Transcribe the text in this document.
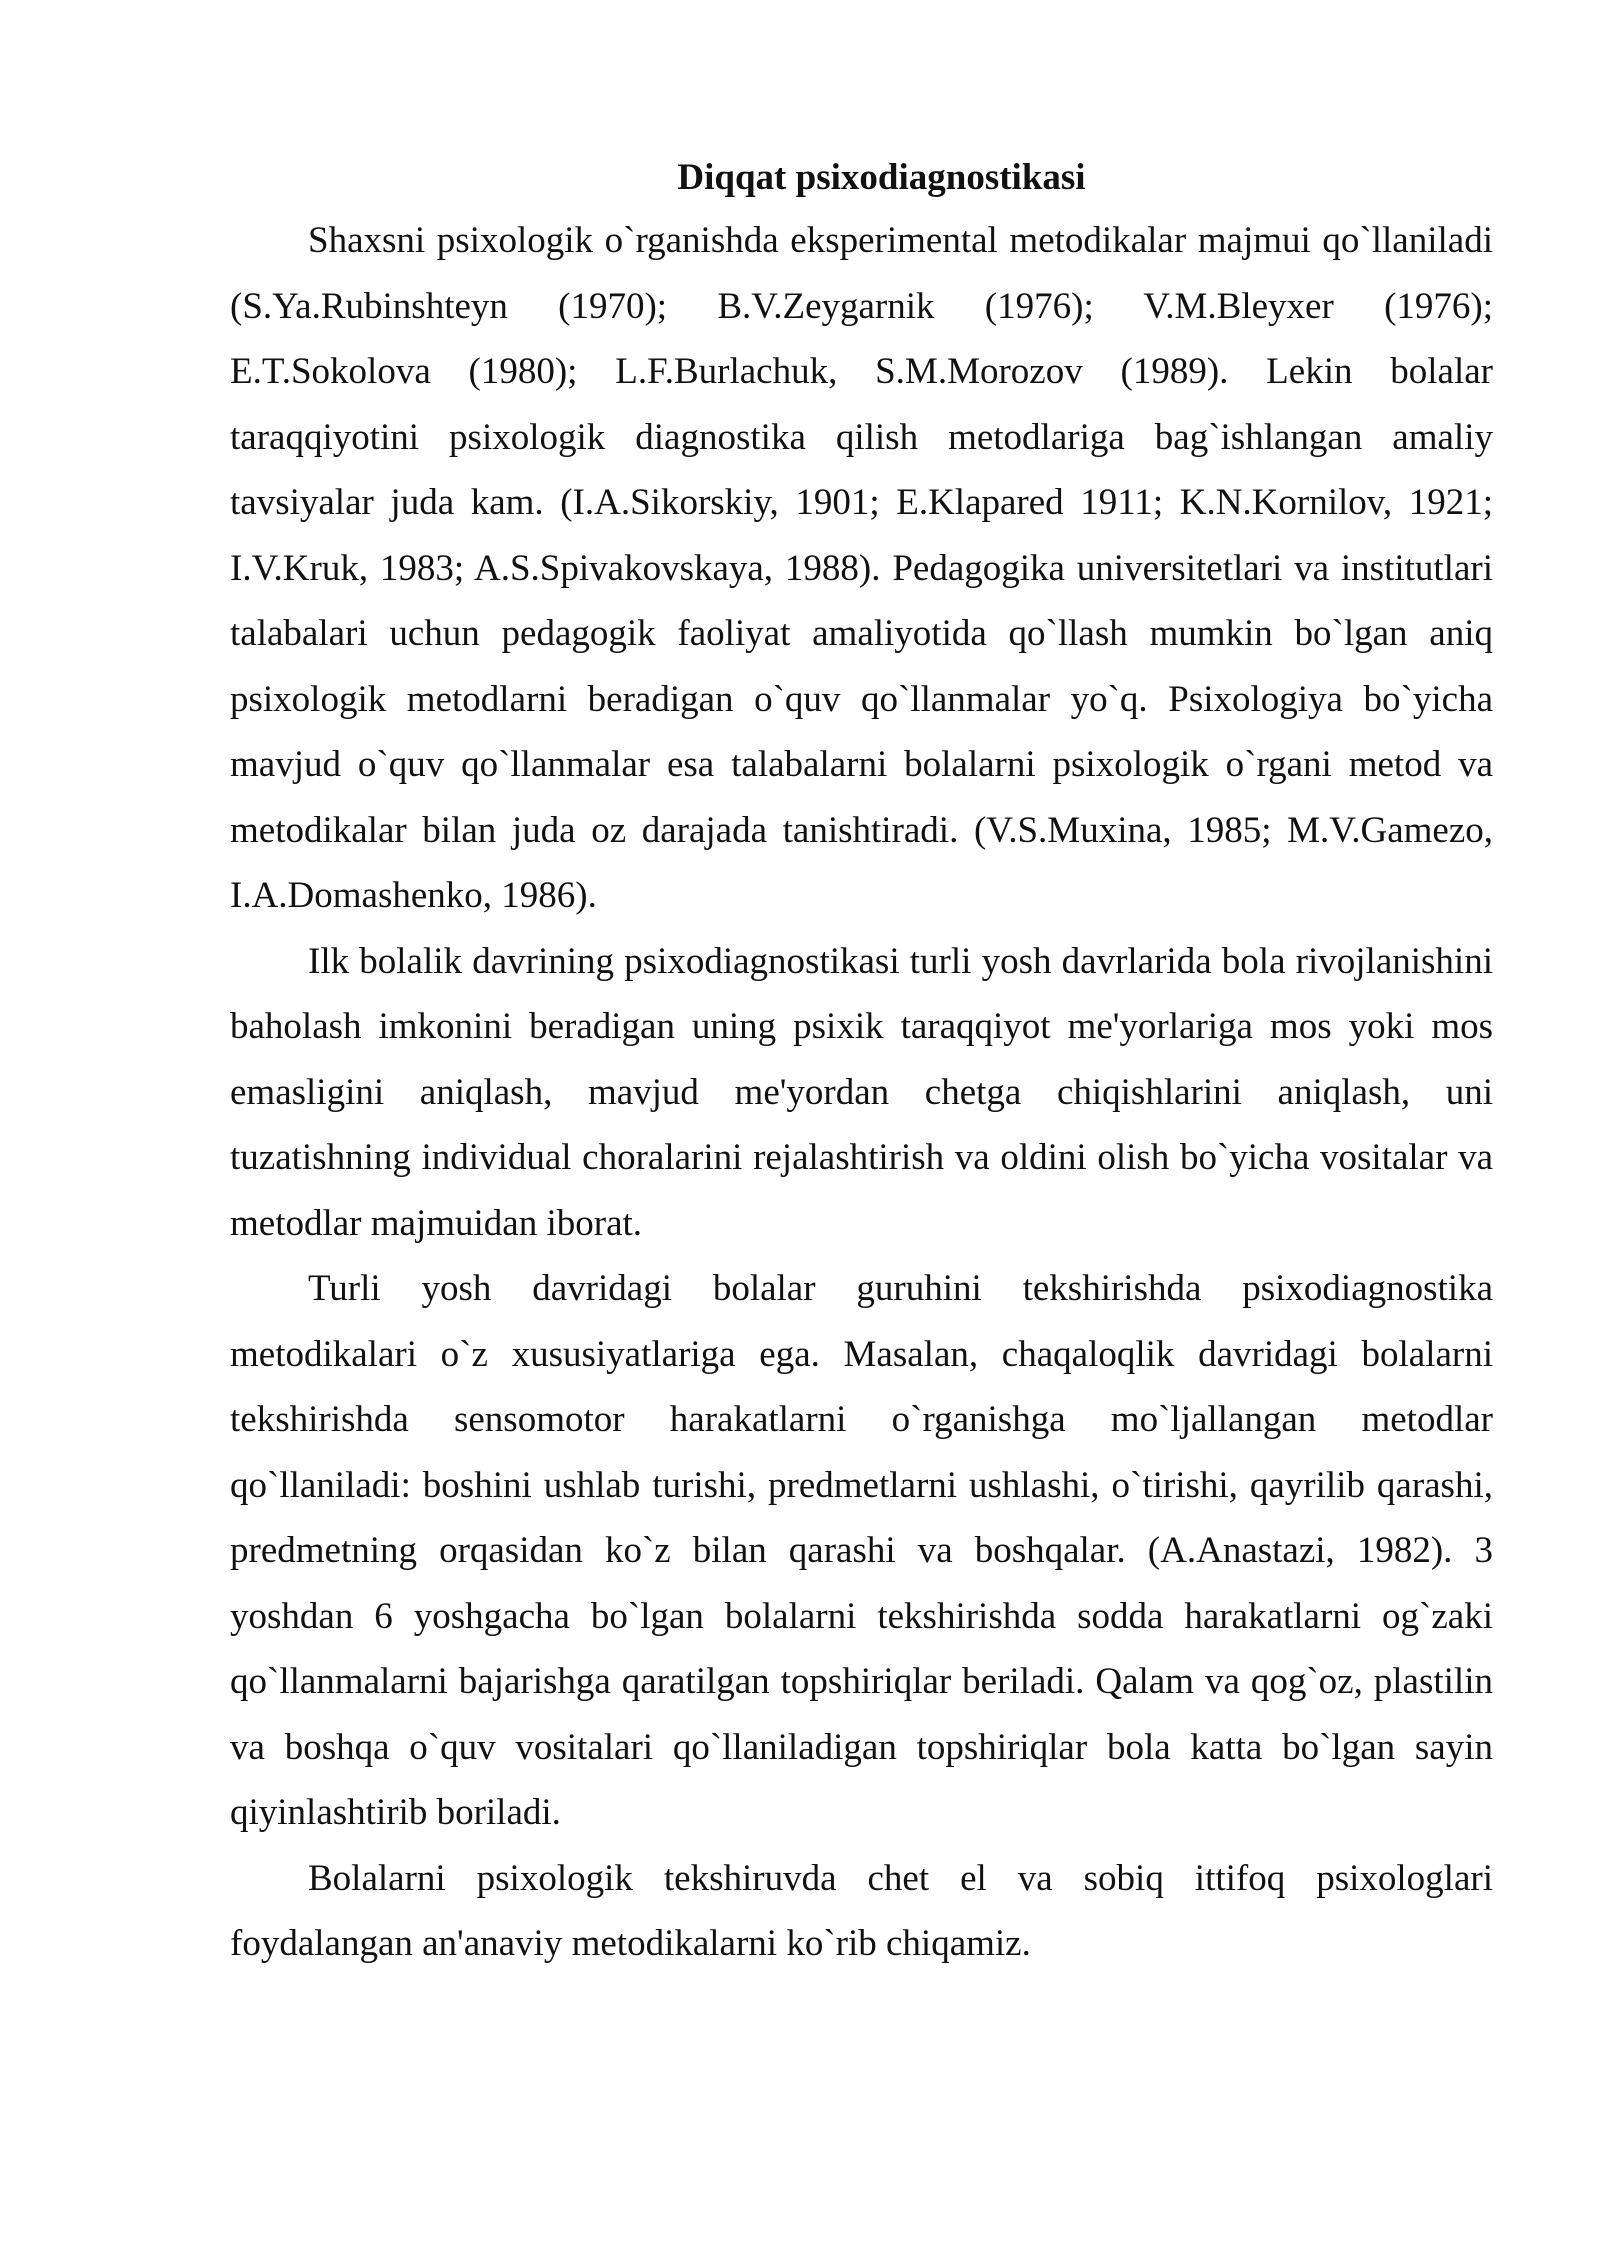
Diqqat psixodiagnostikasi

Shaxsni psixologik o`rganishda eksperimental metodikalar majmui qo`llaniladi (S.Ya.Rubinshteyn (1970); B.V.Zeygarnik (1976); V.M.Bleyxer (1976); E.T.Sokolova (1980); L.F.Burlachuk, S.M.Morozov (1989). Lekin bolalar taraqqiyotini psixologik diagnostika qilish metodlariga bag`ishlangan amaliy tavsiyalar juda kam. (I.A.Sikorskiy, 1901; E.Klapared 1911; K.N.Kornilov, 1921; I.V.Kruk, 1983; A.S.Spivakovskaya, 1988). Pedagogika universitetlari va institutlari talabalari uchun pedagogik faoliyat amaliyotida qo`llash mumkin bo`lgan aniq psixologik metodlarni beradigan o`quv qo`llanmalar yo`q. Psixologiya bo`yicha mavjud o`quv qo`llanmalar esa talabalarni bolalarni psixologik o`rgani metod va metodikalar bilan juda oz darajada tanishtiradi. (V.S.Muxina, 1985; M.V.Gamezo, I.A.Domashenko, 1986).

Ilk bolalik davrining psixodiagnostikasi turli yosh davrlarida bola rivojlanishini baholash imkonini beradigan uning psixik taraqqiyot me'yorlariga mos yoki mos emasligini aniqlash, mavjud me'yordan chetga chiqishlarini aniqlash, uni tuzatishning individual choralarini rejalashtirish va oldini olish bo`yicha vositalar va metodlar majmuidan iborat.

Turli yosh davridagi bolalar guruhini tekshirishda psixodiagnostika metodikalari o`z xususiyatlariga ega. Masalan, chaqaloqlik davridagi bolalarni tekshirishda sensomotor harakatlarni o`rganishga mo`ljallangan metodlar qo`llaniladi: boshini ushlab turishi, predmetlarni ushlashi, o`tirishi, qayrilib qarashi, predmetning orqasidan ko`z bilan qarashi va boshqalar. (A.Anastazi, 1982). 3 yoshdan 6 yoshgacha bo`lgan bolalarni tekshirishda sodda harakatlarni og`zaki qo`llanmalarni bajarishga qaratilgan topshiriqlar beriladi. Qalam va qog`oz, plastilin va boshqa o`quv vositalari qo`llaniladigan topshiriqlar bola katta bo`lgan sayin qiyinlashtirib boriladi.

Bolalarni psixologik tekshiruvda chet el va sobiq ittifoq psixologlari foydalangan an'anaviy metodikalarni ko`rib chiqamiz.
